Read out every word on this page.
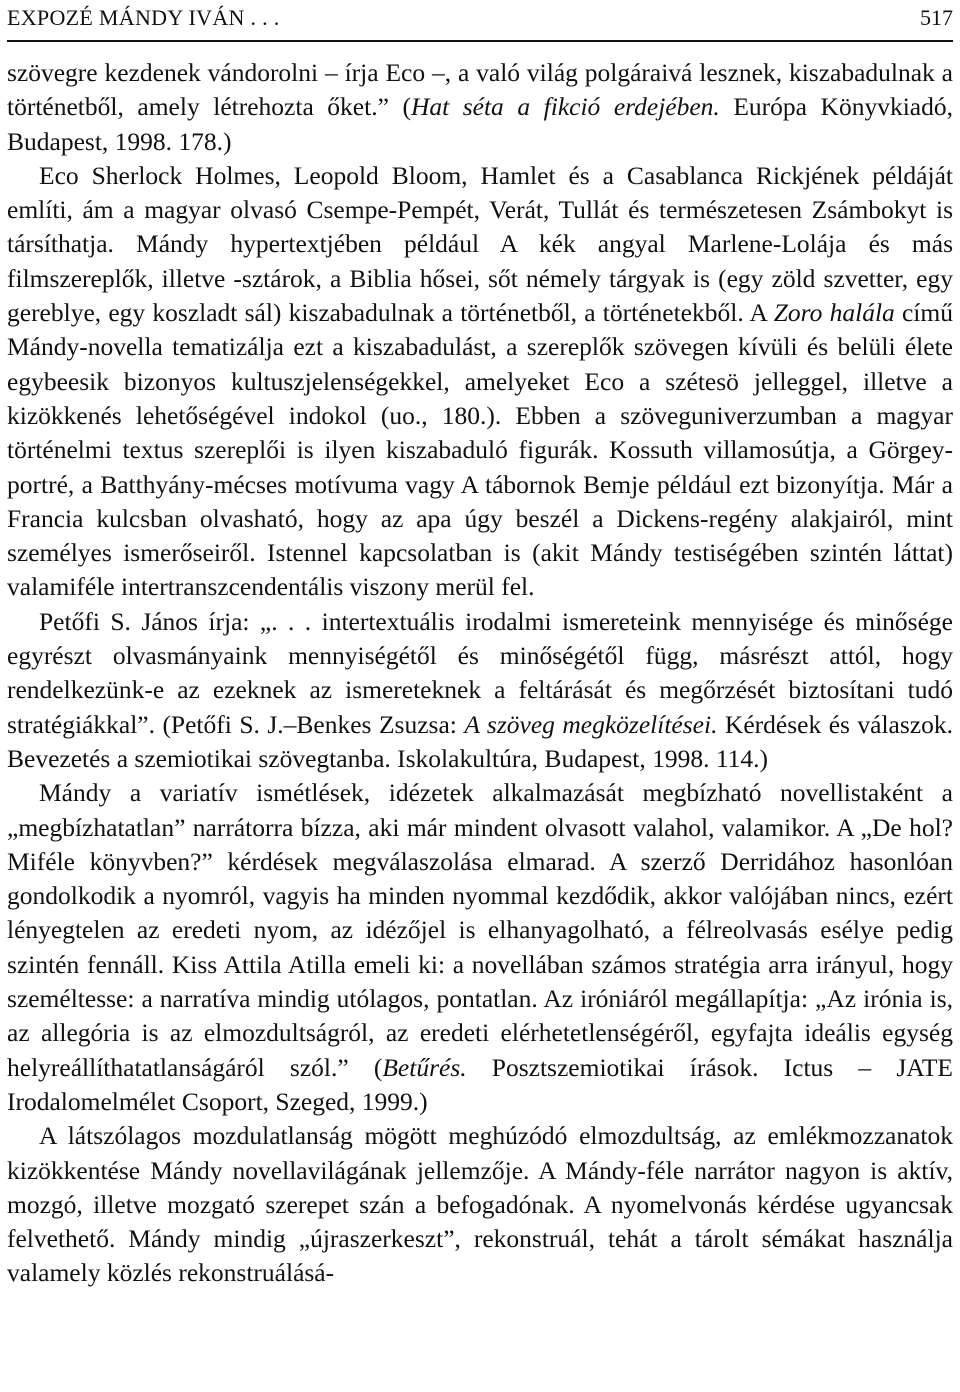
EXPOZÉ MÁNDY IVÁN . . .	517

szövegre kezdenek vándorolni – írja Eco –, a való világ polgáraivá lesznek, kiszabadulnak a történetből, amely létrehozta őket.” (Hat séta a fikció erdejében. Európa Könyvkiadó, Budapest, 1998. 178.)

Eco Sherlock Holmes, Leopold Bloom, Hamlet és a Casablanca Rickjének példáját említi, ám a magyar olvasó Csempe-Pempét, Verát, Tullát és természetesen Zsámbokyt is társíthatja. Mándy hypertextjében például A kék angyal Marlene-Lolája és más filmszereplők, illetve -sztárok, a Biblia hősei, sőt némely tárgyak is (egy zöld szvetter, egy gereblye, egy koszladt sál) kiszabadulnak a történetből, a történetekből. A Zoro halála című Mándy-novella tematizálja ezt a kiszabadulást, a szereplők szövegen kívüli és belüli élete egybeesik bizonyos kultuszjelenségekkel, amelyeket Eco a szétesö jelleggel, illetve a kizökkenés lehetőségével indokol (uo., 180.). Ebben a szöveguniverzumban a magyar történelmi textus szereplői is ilyen kiszabaduló figurák. Kossuth villamosútja, a Görgey-portré, a Batthyány-mécses motívuma vagy A tábornok Bemje például ezt bizonyítja. Már a Francia kulcsban olvasható, hogy az apa úgy beszél a Dickens-regény alakjairól, mint személyes ismerőseiről. Istennel kapcsolatban is (akit Mándy testiségében szintén láttat) valamiféle intertranszcendentális viszony merül fel.

Petőfi S. János írja: „. . . intertextuális irodalmi ismereteink mennyisége és minősége egyrészt olvasmányaink mennyiségétől és minőségétől függ, másrészt attól, hogy rendelkezünk-e az ezeknek az ismereteknek a feltárását és megőrzését biztosítani tudó stratégiákkal”. (Petőfi S. J.–Benkes Zsuzsa: A szöveg megközelítései. Kérdések és válaszok. Bevezetés a szemiotikai szövegtanba. Iskolakultúra, Budapest, 1998. 114.)

Mándy a variatív ismétlések, idézetek alkalmazását megbízható novellistaként a „megbízhatatlan” narrátorra bízza, aki már mindent olvasott valahol, valamikor. A „De hol? Miféle könyvben?” kérdések megválaszolása elmarad. A szerző Derridához hasonlóan gondolkodik a nyomról, vagyis ha minden nyommal kezdődik, akkor valójában nincs, ezért lényegtelen az eredeti nyom, az idézőjel is elhanyagolható, a félreolvasás esélye pedig szintén fennáll. Kiss Attila Atilla emeli ki: a novellában számos stratégia arra irányul, hogy személtesse: a narratíva mindig utólagos, pontatlan. Az iróniáról megállapítja: „Az irónia is, az allegória is az elmozdultságról, az eredeti elérhetetlenségéről, egyfajta ideális egység helyreállíthatatlanságáról szól.” (Betűrés. Posztszemiotikai írások. Ictus – JATE Irodalomelmélet Csoport, Szeged, 1999.)

A látszólagos mozdulatlanság mögött meghúzódó elmozdultság, az emlékmozzanatok kizökkentése Mándy novellavilágának jellemzője. A Mándy-féle narrátor nagyon is aktív, mozgó, illetve mozgató szerepet szán a befogadónak. A nyomelvonás kérdése ugyancsak felvethető. Mándy mindig „újraszerkeszt”, rekonstruál, tehát a tárolt sémákat használja valamely közlés rekonstruálásá-
